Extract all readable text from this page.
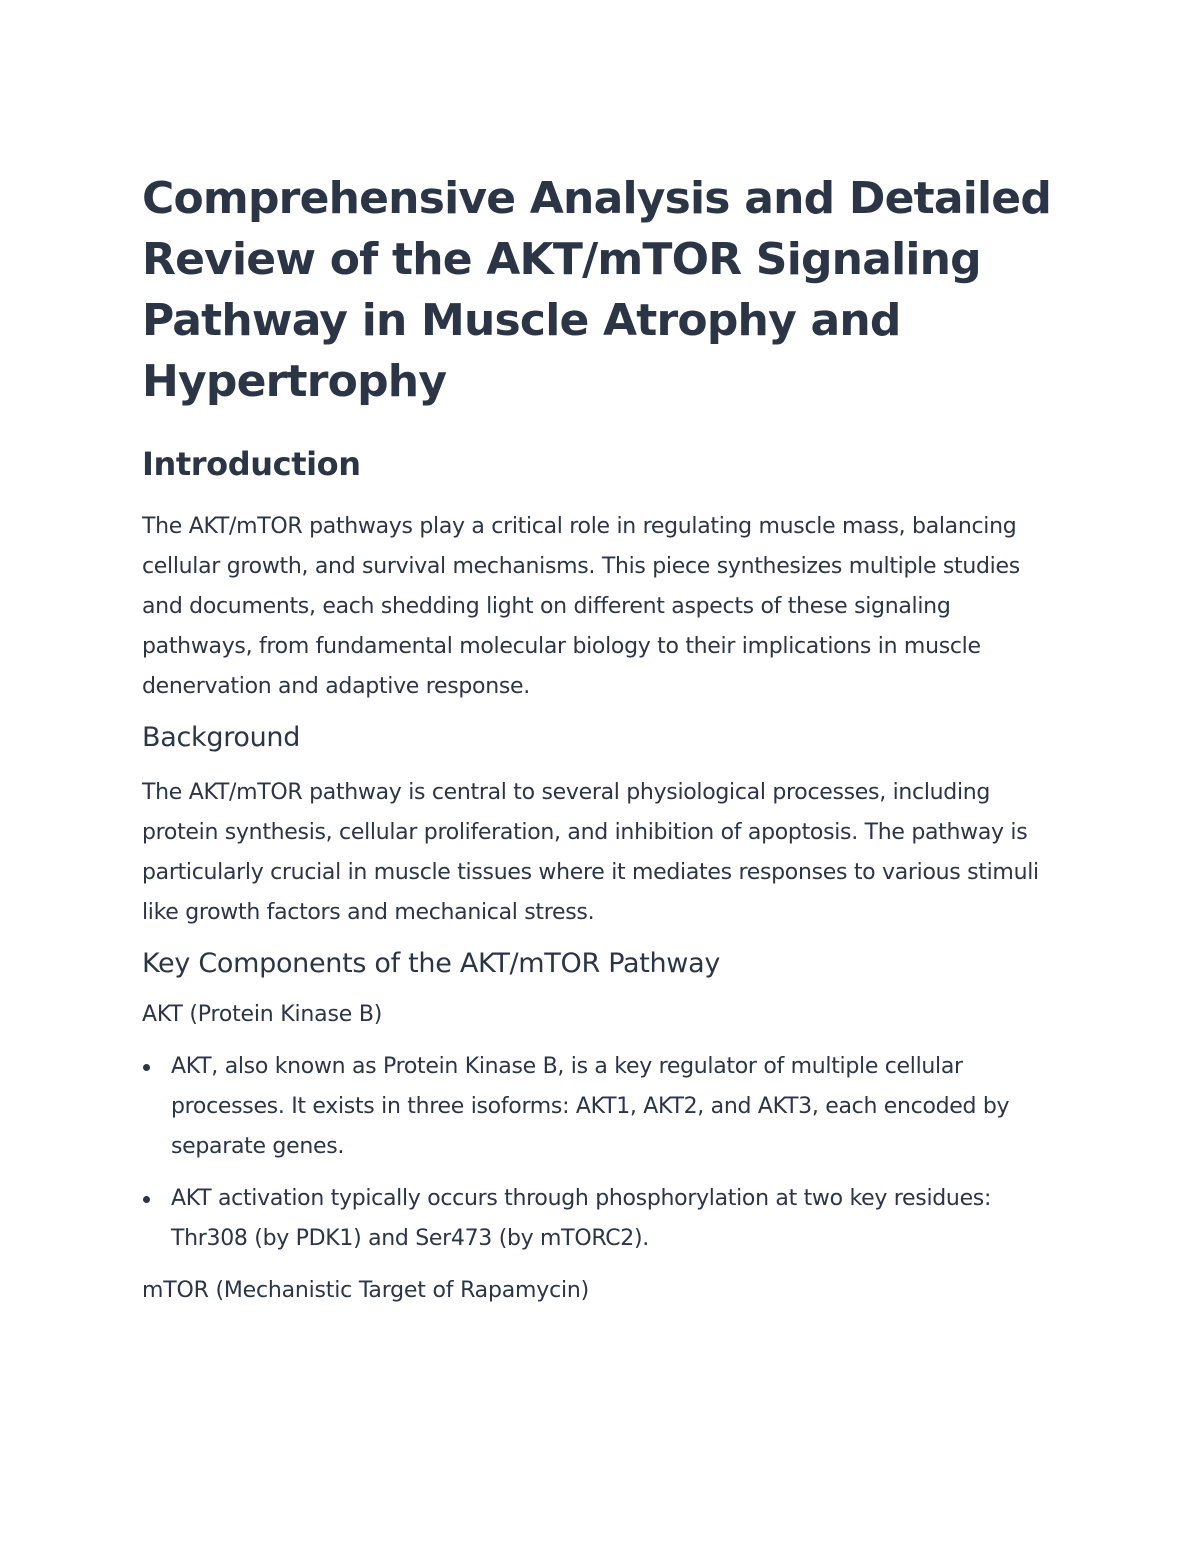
Comprehensive Analysis and Detailed Review of the AKT/mTOR Signaling Pathway in Muscle Atrophy and Hypertrophy
Introduction

The AKT/mTOR pathways play a critical role in regulating muscle mass, balancing cellular growth, and survival mechanisms. This piece synthesizes multiple studies and documents, each shedding light on different aspects of these signaling pathways, from fundamental molecular biology to their implications in muscle denervation and adaptive response.

Background

The AKT/mTOR pathway is central to several physiological processes, including protein synthesis, cellular proliferation, and inhibition of apoptosis. The pathway is particularly crucial in muscle tissues where it mediates responses to various stimuli like growth factors and mechanical stress.

Key Components of the AKT/mTOR Pathway
AKT (Protein Kinase B)
AKT, also known as Protein Kinase B, is a key regulator of multiple cellular processes. It exists in three isoforms: AKT1, AKT2, and AKT3, each encoded by separate genes.
AKT activation typically occurs through phosphorylation at two key residues: Thr308 (by PDK1) and Ser473 (by mTORC2).
mTOR (Mechanistic Target of Rapamycin)
